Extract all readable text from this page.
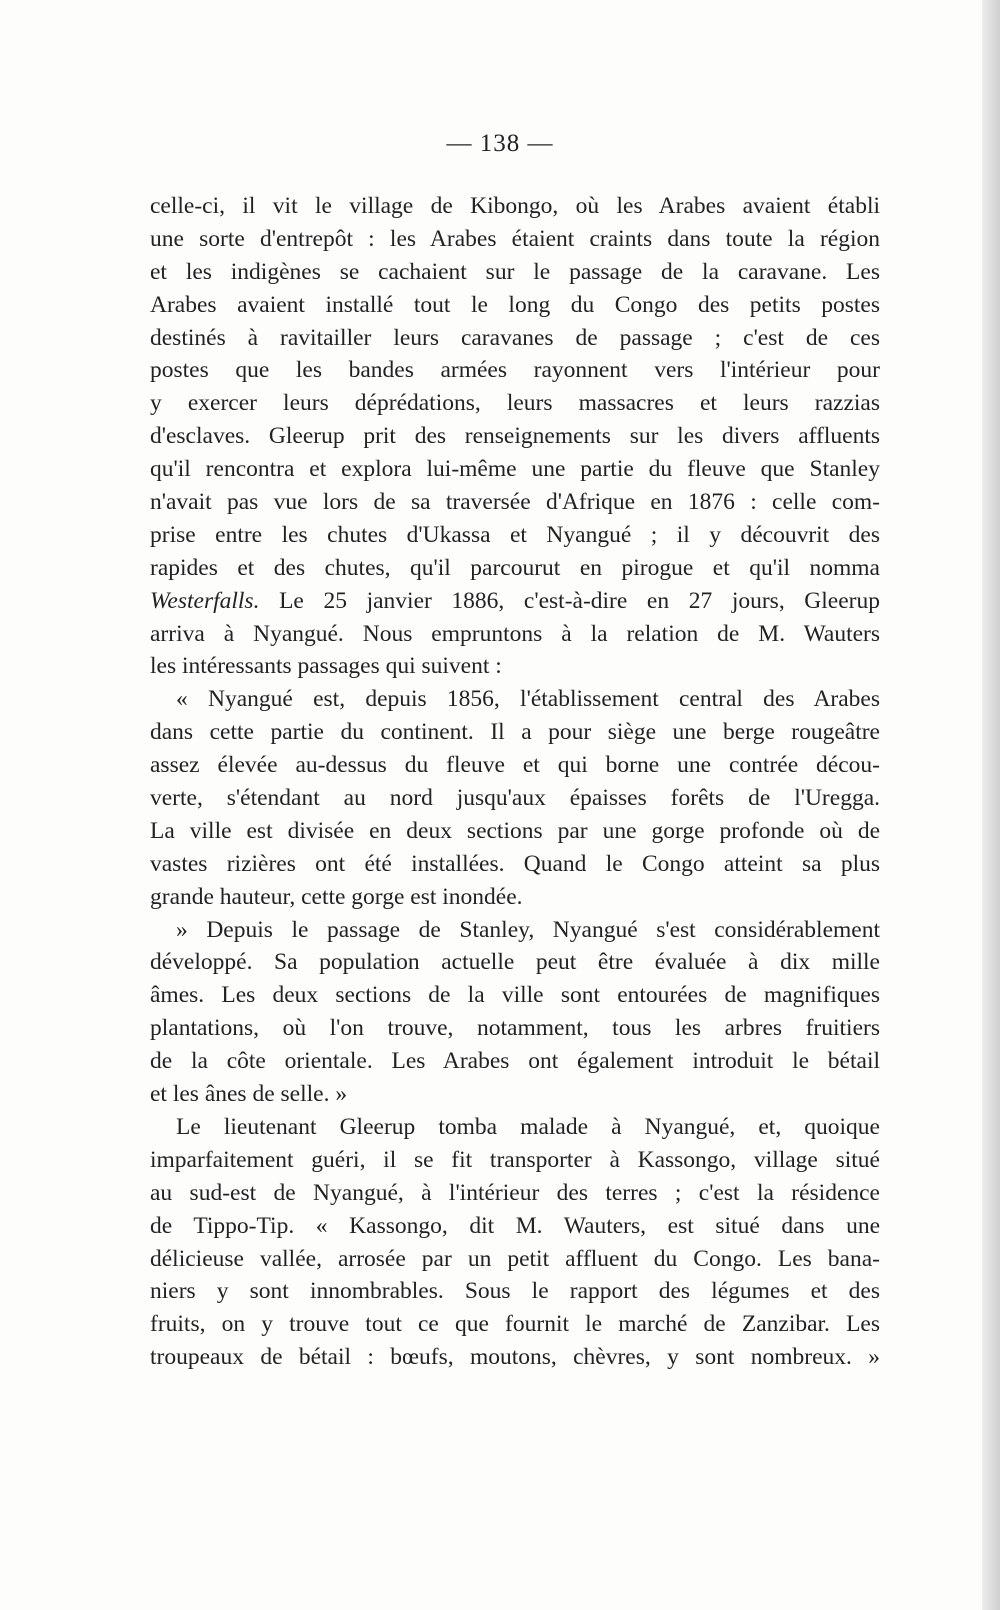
— 138 —
celle-ci, il vit le village de Kibongo, où les Arabes avaient établi
une sorte d'entrepôt : les Arabes étaient craints dans toute la région
et les indigènes se cachaient sur le passage de la caravane. Les
Arabes avaient installé tout le long du Congo des petits postes
destinés à ravitailler leurs caravanes de passage ; c'est de ces
postes que les bandes armées rayonnent vers l'intérieur pour
y exercer leurs déprédations, leurs massacres et leurs razzias
d'esclaves. Gleerup prit des renseignements sur les divers affluents
qu'il rencontra et explora lui-même une partie du fleuve que Stanley
n'avait pas vue lors de sa traversée d'Afrique en 1876 : celle com-
prise entre les chutes d'Ukassa et Nyangué ; il y découvrit des
rapides et des chutes, qu'il parcourut en pirogue et qu'il nomma
Westerfalls. Le 25 janvier 1886, c'est-à-dire en 27 jours, Gleerup
arriva à Nyangué. Nous empruntons à la relation de M. Wauters
les intéressants passages qui suivent :
« Nyangué est, depuis 1856, l'établissement central des Arabes
dans cette partie du continent. Il a pour siège une berge rougeâtre
assez élevée au-dessus du fleuve et qui borne une contrée décou-
verte, s'étendant au nord jusqu'aux épaisses forêts de l'Uregga.
La ville est divisée en deux sections par une gorge profonde où de
vastes rizières ont été installées. Quand le Congo atteint sa plus
grande hauteur, cette gorge est inondée.
» Depuis le passage de Stanley, Nyangué s'est considérablement
développé. Sa population actuelle peut être évaluée à dix mille
âmes. Les deux sections de la ville sont entourées de magnifiques
plantations, où l'on trouve, notamment, tous les arbres fruitiers
de la côte orientale. Les Arabes ont également introduit le bétail
et les ânes de selle. »
Le lieutenant Gleerup tomba malade à Nyangué, et, quoique
imparfaitement guéri, il se fit transporter à Kassongo, village situé
au sud-est de Nyangué, à l'intérieur des terres ; c'est la résidence
de Tippo-Tip. « Kassongo, dit M. Wauters, est situé dans une
délicieuse vallée, arrosée par un petit affluent du Congo. Les bana-
niers y sont innombrables. Sous le rapport des légumes et des
fruits, on y trouve tout ce que fournit le marché de Zanzibar. Les
troupeaux de bétail : bœufs, moutons, chèvres, y sont nombreux. »
